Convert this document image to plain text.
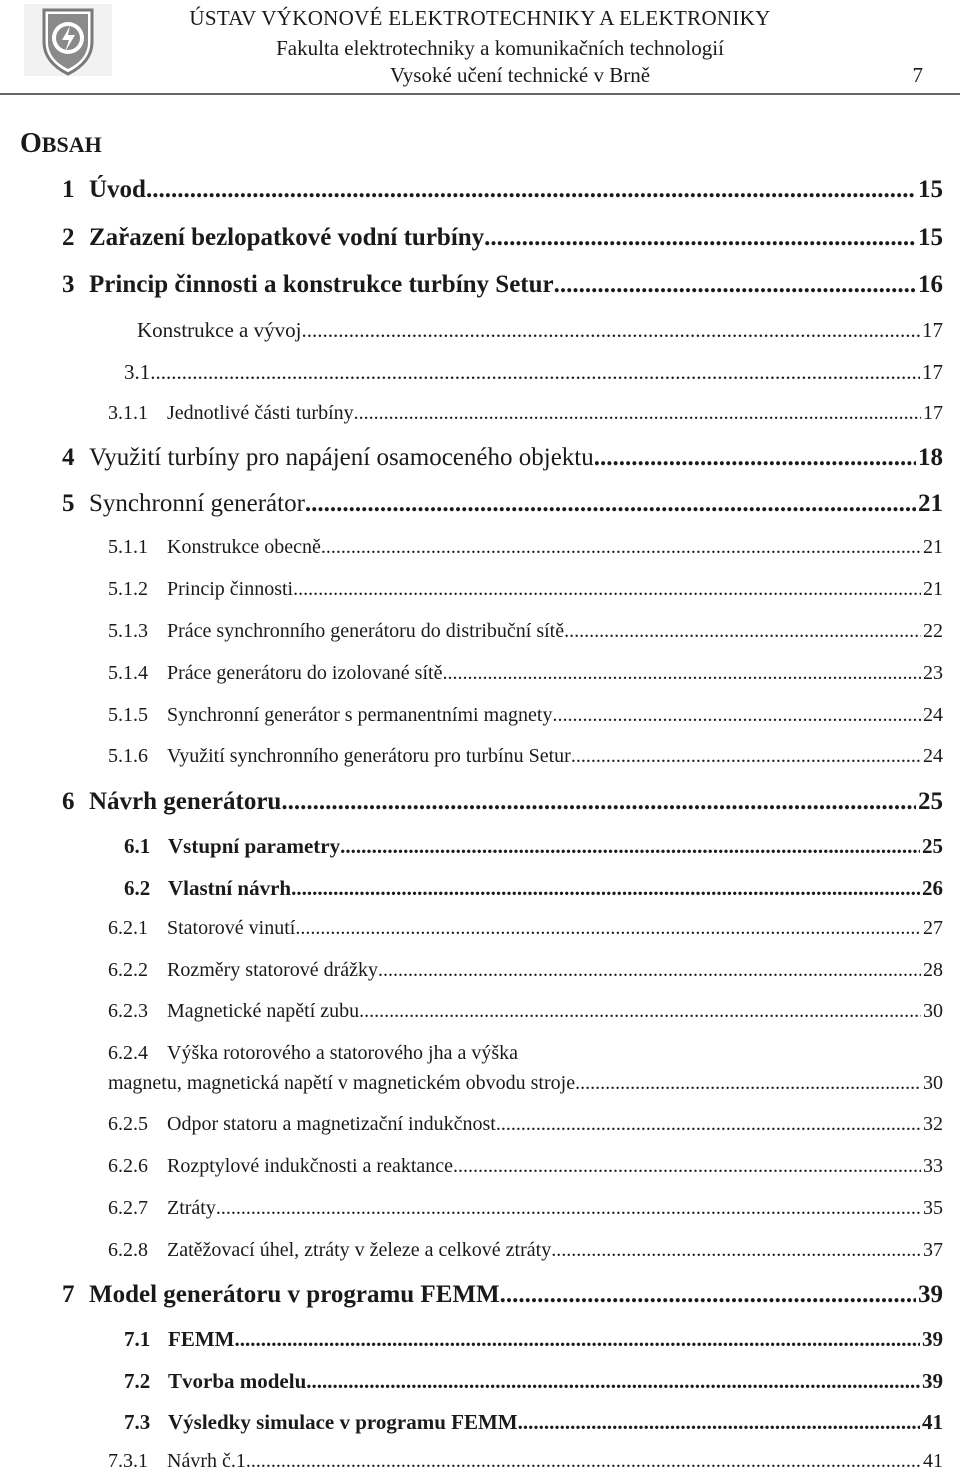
ÚSTAV VÝKONOVÉ ELEKTROTECHNIKY A ELEKTRONIKY
Fakulta elektrotechniky a komunikačních technologií
Vysoké učení technické v Brně	7
OBSAH
1 Úvod .....	15
2 Zařazení bezlopatkové vodní turbíny .....	15
3 Princip činnosti a konstrukce turbíny Setur .....	16
Konstrukce a vývoj .....	17
3.1 .....	17
3.1.1 Jednotlivé části turbíny .....	17
4 Využití turbíny pro napájení osamoceného objektu .....	18
5 Synchronní generátor .....	21
5.1.1 Konstrukce obecně .....	21
5.1.2 Princip činnosti .....	21
5.1.3 Práce synchronního generátoru do distribuční sítě .....	22
5.1.4 Práce generátoru do izolované sítě .....	23
5.1.5 Synchronní generátor s permanentními magnety .....	24
5.1.6 Využití synchronního generátoru pro turbínu Setur .....	24
6 Návrh generátoru .....	25
6.1 Vstupní parametry .....	25
6.2 Vlastní návrh .....	26
6.2.1 Statorové vinutí .....	27
6.2.2 Rozměry statorové drážky .....	28
6.2.3 Magnetické napětí zubu .....	30
6.2.4 Výška rotorového a statorového jha a výška
magnetu, magnetická napětí v magnetickém obvodu stroje .....	30
6.2.5 Odpor statoru a magnetizační indukčnost .....	32
6.2.6 Rozptylové indukčnosti a reaktance .....	33
6.2.7 Ztráty .....	35
6.2.8 Zatěžovací úhel, ztráty v železe a celkové ztráty .....	37
7 Model generátoru v programu FEMM .....	39
7.1 FEMM .....	39
7.2 Tvorba modelu .....	39
7.3 Výsledky simulace v programu FEMM .....	41
7.3.1 Návrh č.1 .....	41
